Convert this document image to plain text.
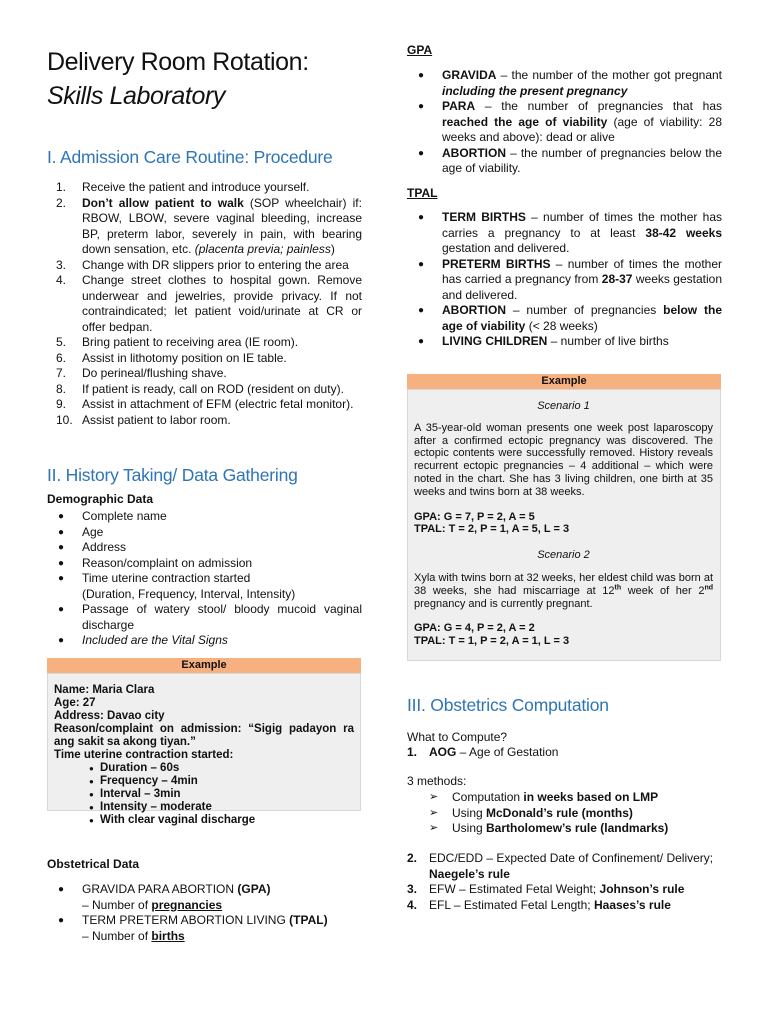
Delivery Room Rotation:
Skills Laboratory
I. Admission Care Routine: Procedure
1. Receive the patient and introduce yourself.
2. Don’t allow patient to walk (SOP wheelchair) if: RBOW, LBOW, severe vaginal bleeding, increase BP, preterm labor, severely in pain, with bearing down sensation, etc. (placenta previa; painless)
3. Change with DR slippers prior to entering the area
4. Change street clothes to hospital gown. Remove underwear and jewelries, provide privacy. If not contraindicated; let patient void/urinate at CR or offer bedpan.
5. Bring patient to receiving area (IE room).
6. Assist in lithotomy position on IE table.
7. Do perineal/flushing shave.
8. If patient is ready, call on ROD (resident on duty).
9. Assist in attachment of EFM (electric fetal monitor).
10. Assist patient to labor room.
II. History Taking/ Data Gathering
Demographic Data
● Complete name
● Age
● Address
● Reason/complaint on admission
● Time uterine contraction started
(Duration, Frequency, Interval, Intensity)
● Passage of watery stool/ bloody mucoid vaginal discharge
● Included are the Vital Signs
Example
Name: Maria Clara
Age: 27
Address: Davao city
Reason/complaint on admission: “Sigig padayon ra ang sakit sa akong tiyan.”
Time uterine contraction started:
● Duration – 60s
● Frequency – 4min
● Interval – 3min
● Intensity – moderate
● With clear vaginal discharge
Obstetrical Data
● GRAVIDA PARA ABORTION (GPA)
– Number of pregnancies
● TERM PRETERM ABORTION LIVING (TPAL)
– Number of births
GPA
● GRAVIDA – the number of the mother got pregnant including the present pregnancy
● PARA – the number of pregnancies that has reached the age of viability (age of viability: 28 weeks and above): dead or alive
● ABORTION – the number of pregnancies below the age of viability.
TPAL
● TERM BIRTHS – number of times the mother has carries a pregnancy to at least 38-42 weeks gestation and delivered.
● PRETERM BIRTHS – number of times the mother has carried a pregnancy from 28-37 weeks gestation and delivered.
● ABORTION – number of pregnancies below the age of viability (< 28 weeks)
● LIVING CHILDREN – number of live births
Example
Scenario 1
A 35-year-old woman presents one week post laparoscopy after a confirmed ectopic pregnancy was discovered. The ectopic contents were successfully removed. History reveals recurrent ectopic pregnancies – 4 additional – which were noted in the chart. She has 3 living children, one birth at 35 weeks and twins born at 38 weeks.
GPA: G = 7, P = 2, A = 5
TPAL: T = 2, P = 1, A = 5, L = 3
Scenario 2
Xyla with twins born at 32 weeks, her eldest child was born at 38 weeks, she had miscarriage at 12th week of her 2nd pregnancy and is currently pregnant.
GPA: G = 4, P = 2, A = 2
TPAL: T = 1, P = 2, A = 1, L = 3
III. Obstetrics Computation
What to Compute?
1. AOG – Age of Gestation
3 methods:
➢ Computation in weeks based on LMP
➢ Using McDonald’s rule (months)
➢ Using Bartholomew’s rule (landmarks)
2. EDC/EDD – Expected Date of Confinement/ Delivery; Naegele’s rule
3. EFW – Estimated Fetal Weight; Johnson’s rule
4. EFL – Estimated Fetal Length; Haases’s rule
